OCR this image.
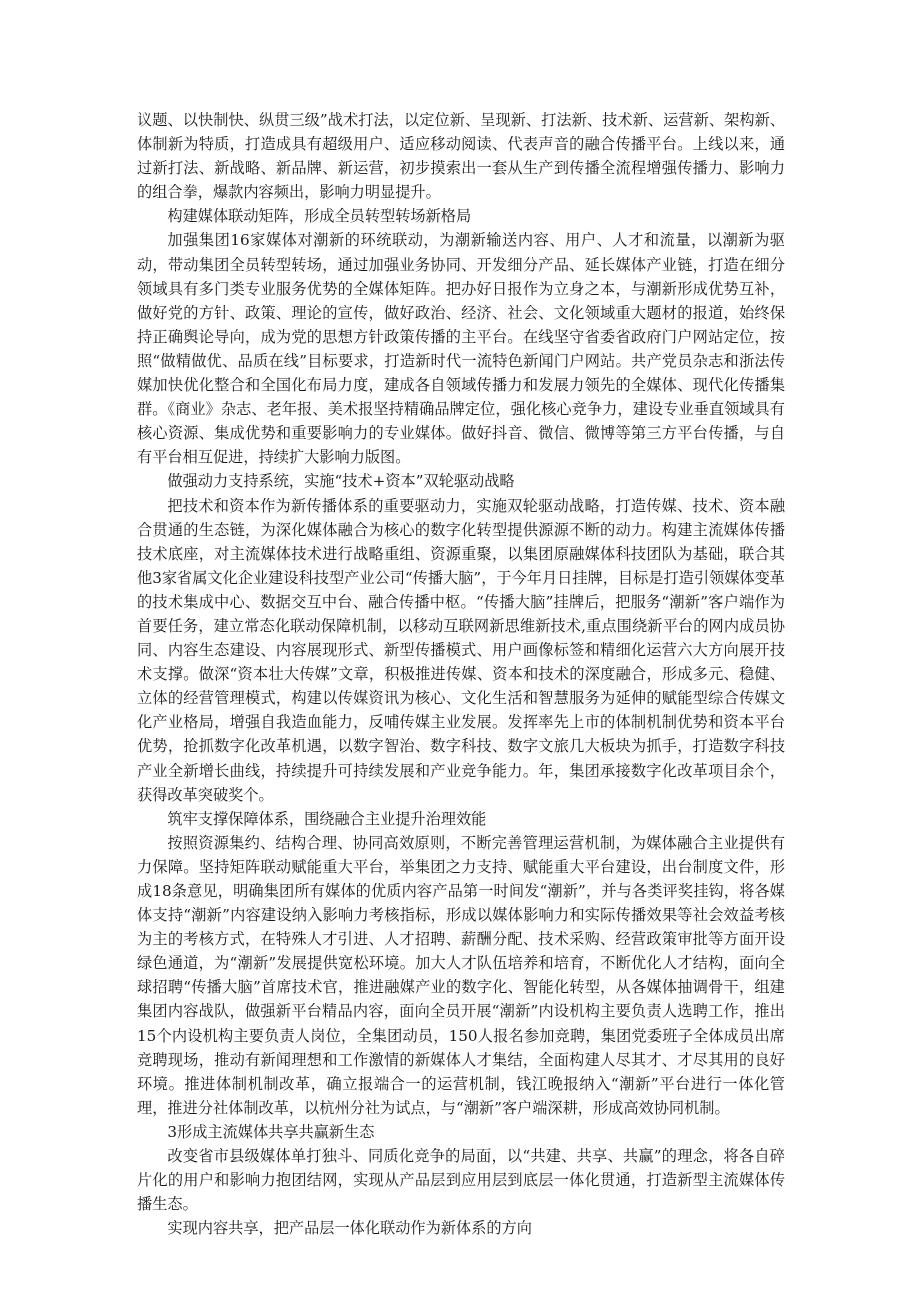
议题、以快制快、纵贯三级”战术打法，以定位新、呈现新、打法新、技术新、运营新、架构新、体制新为特质，打造成具有超级用户、适应移动阅读、代表声音的融合传播平台。上线以来，通过新打法、新战略、新品牌、新运营，初步摸索出一套从生产到传播全流程增强传播力、影响力的组合拳，爆款内容频出，影响力明显提升。

构建媒体联动矩阵，形成全员转型转场新格局

加强集团16家媒体对潮新的环统联动，为潮新输送内容、用户、人才和流量，以潮新为驱动，带动集团全员转型转场，通过加强业务协同、开发细分产品、延长媒体产业链，打造在细分领域具有多门类专业服务优势的全媒体矩阵。把办好日报作为立身之本，与潮新形成优势互补，做好党的方针、政策、理论的宣传，做好政治、经济、社会、文化领域重大题材的报道，始终保持正确舆论导向，成为党的思想方针政策传播的主平台。在线坚守省委省政府门户网站定位，按照“做精做优、品质在线”目标要求，打造新时代一流特色新闻门户网站。共产党员杂志和浙法传媒加快优化整合和全国化布局力度，建成各自领域传播力和发展力领先的全媒体、现代化传播集群。《商业》杂志、老年报、美术报坚持精确品牌定位，强化核心竞争力，建设专业垂直领域具有核心资源、集成优势和重要影响力的专业媒体。做好抖音、微信、微博等第三方平台传播，与自有平台相互促进，持续扩大影响力版图。

做强动力支持系统，实施“技术+资本”双轮驱动战略

把技术和资本作为新传播体系的重要驱动力，实施双轮驱动战略，打造传媒、技术、资本融合贯通的生态链，为深化媒体融合为核心的数字化转型提供源源不断的动力。构建主流媒体传播技术底座，对主流媒体技术进行战略重组、资源重聚，以集团原融媒体科技团队为基础，联合其他3家省属文化企业建设科技型产业公司“传播大脑”，于今年月日挂牌，目标是打造引领媒体变革的技术集成中心、数据交互中台、融合传播中枢。“传播大脑”挂牌后，把服务“潮新”客户端作为首要任务，建立常态化联动保障机制，以移动互联网新思维新技术,重点围绕新平台的网内成员协同、内容生态建设、内容展现形式、新型传播模式、用户画像标签和精细化运营六大方向展开技术支撑。做深“资本壮大传媒”文章，积极推进传媒、资本和技术的深度融合，形成多元、稳健、立体的经营管理模式，构建以传媒资讯为核心、文化生活和智慧服务为延伸的赋能型综合传媒文化产业格局，增强自我造血能力，反哺传媒主业发展。发挥率先上市的体制机制优势和资本平台优势，抢抓数字化改革机遇，以数字智治、数字科技、数字文旅几大板块为抓手，打造数字科技产业全新增长曲线，持续提升可持续发展和产业竞争能力。年，集团承接数字化改革项目余个，获得改革突破奖个。

筑牢支撑保障体系，围绕融合主业提升治理效能

按照资源集约、结构合理、协同高效原则，不断完善管理运营机制，为媒体融合主业提供有力保障。坚持矩阵联动赋能重大平台，举集团之力支持、赋能重大平台建设，出台制度文件，形成18条意见，明确集团所有媒体的优质内容产品第一时间发“潮新”，并与各类评奖挂钩，将各媒体支持“潮新”内容建设纳入影响力考核指标，形成以媒体影响力和实际传播效果等社会效益考核为主的考核方式，在特殊人才引进、人才招聘、薪酬分配、技术采购、经营政策审批等方面开设绿色通道，为“潮新”发展提供宽松环境。加大人才队伍培养和培育，不断优化人才结构，面向全球招聘“传播大脑”首席技术官，推进融媒产业的数字化、智能化转型，从各媒体抽调骨干，组建集团内容战队，做强新平台精品内容，面向全员开展“潮新”内设机构主要负责人选聘工作，推出15个内设机构主要负责人岗位，全集团动员，150人报名参加竞聘，集团党委班子全体成员出席竞聘现场，推动有新闻理想和工作激情的新媒体人才集结，全面构建人尽其才、才尽其用的良好环境。推进体制机制改革，确立报端合一的运营机制，钱江晚报纳入“潮新”平台进行一体化管理，推进分社体制改革，以杭州分社为试点，与“潮新”客户端深耕，形成高效协同机制。

3形成主流媒体共享共赢新生态

改变省市县级媒体单打独斗、同质化竞争的局面，以“共建、共享、共赢”的理念，将各自碎片化的用户和影响力抱团结网，实现从产品层到应用层到底层一体化贯通，打造新型主流媒体传播生态。

实现内容共享，把产品层一体化联动作为新体系的方向
